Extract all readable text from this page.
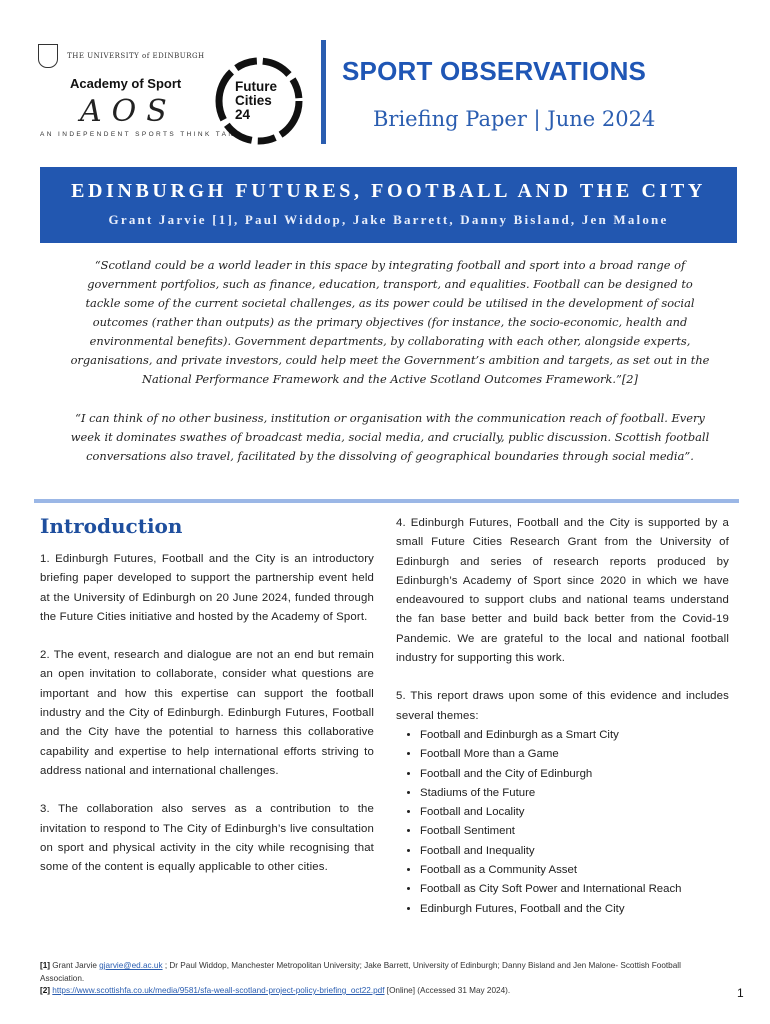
THE UNIVERSITY of EDINBURGH
Academy of Sport
AOS
AN INDEPENDENT SPORTS THINK TANK
Future
Cities
24
SPORT OBSERVATIONS
Briefing Paper | June 2024
EDINBURGH FUTURES, FOOTBALL AND THE CITY
Grant Jarvie [1], Paul Widdop, Jake Barrett, Danny Bisland, Jen Malone
“Scotland could be a world leader in this space by integrating football and sport into a broad range of government portfolios, such as finance, education, transport, and equalities. Football can be designed to tackle some of the current societal challenges, as its power could be utilised in the development of social outcomes (rather than outputs) as the primary objectives (for instance, the socio-economic, health and environmental benefits). Government departments, by collaborating with each other, alongside experts, organisations, and private investors, could help meet the Government’s ambition and targets, as set out in the National Performance Framework and the Active Scotland Outcomes Framework.”[2]
“I can think of no other business, institution or organisation with the communication reach of football. Every week it dominates swathes of broadcast media, social media, and crucially, public discussion. Scottish football conversations also travel, facilitated by the dissolving of geographical boundaries through social media”.
Introduction

1. Edinburgh Futures, Football and the City is an introductory briefing paper developed to support the partnership event held at the University of Edinburgh on 20 June 2024, funded through the Future Cities initiative and hosted by the Academy of Sport.

2. The event, research and dialogue are not an end but remain an open invitation to collaborate, consider what questions are important and how this expertise can support the football industry and the City of Edinburgh. Edinburgh Futures, Football and the City have the potential to harness this collaborative capability and expertise to help international efforts striving to address national and international challenges.

3. The collaboration also serves as a contribution to the invitation to respond to The City of Edinburgh’s live consultation on sport and physical activity in the city while recognising that some of the content is equally applicable to other cities.

4. Edinburgh Futures, Football and the City is supported by a small Future Cities Research Grant from the University of Edinburgh and series of research reports produced by Edinburgh’s Academy of Sport since 2020 in which we have endeavoured to support clubs and national teams understand the fan base better and build back better from the Covid-19 Pandemic. We are grateful to the local and national football industry for supporting this work.

5. This report draws upon some of this evidence and includes several themes:

• Football and Edinburgh as a Smart City
• Football More than a Game
• Football and the City of Edinburgh
• Stadiums of the Future
• Football and Locality
• Football Sentiment
• Football and Inequality
• Football as a Community Asset
• Football as City Soft Power and International Reach
• Edinburgh Futures, Football and the City
[1] Grant Jarvie gjarvie@ed.ac.uk ; Dr Paul Widdop, Manchester Metropolitan University; Jake Barrett, University of Edinburgh; Danny Bisland and Jen Malone- Scottish Football Association.
[2] https://www.scottishfa.co.uk/media/9581/sfa-weall-scotland-project-policy-briefing_oct22.pdf [Online] (Accessed 31 May 2024).	1
